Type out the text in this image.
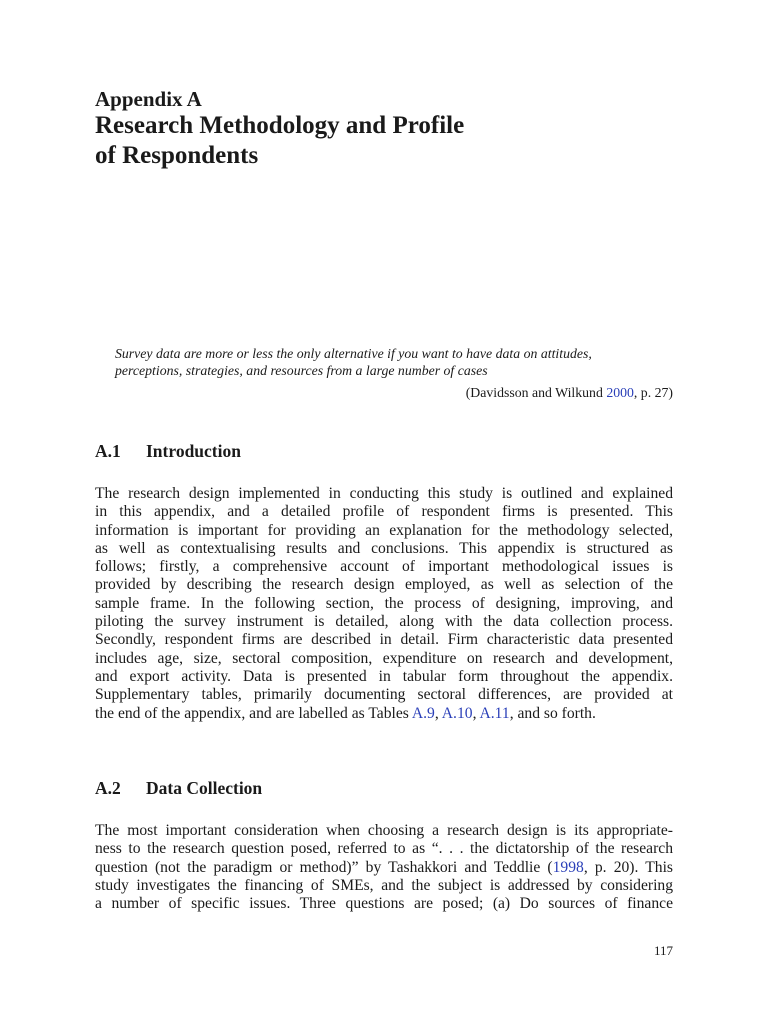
Appendix A
Research Methodology and Profile
of Respondents
Survey data are more or less the only alternative if you want to have data on attitudes,
perceptions, strategies, and resources from a large number of cases
(Davidsson and Wilkund 2000, p. 27)
A.1 Introduction
The research design implemented in conducting this study is outlined and explained
in this appendix, and a detailed profile of respondent firms is presented. This
information is important for providing an explanation for the methodology selected,
as well as contextualising results and conclusions. This appendix is structured as
follows; firstly, a comprehensive account of important methodological issues is
provided by describing the research design employed, as well as selection of the
sample frame. In the following section, the process of designing, improving, and
piloting the survey instrument is detailed, along with the data collection process.
Secondly, respondent firms are described in detail. Firm characteristic data presented
includes age, size, sectoral composition, expenditure on research and development,
and export activity. Data is presented in tabular form throughout the appendix.
Supplementary tables, primarily documenting sectoral differences, are provided at
the end of the appendix, and are labelled as Tables A.9, A.10, A.11, and so forth.
A.2 Data Collection
The most important consideration when choosing a research design is its appropriate-
ness to the research question posed, referred to as “. . . the dictatorship of the research
question (not the paradigm or method)” by Tashakkori and Teddlie (1998, p. 20). This
study investigates the financing of SMEs, and the subject is addressed by considering
a number of specific issues. Three questions are posed; (a) Do sources of finance
117
